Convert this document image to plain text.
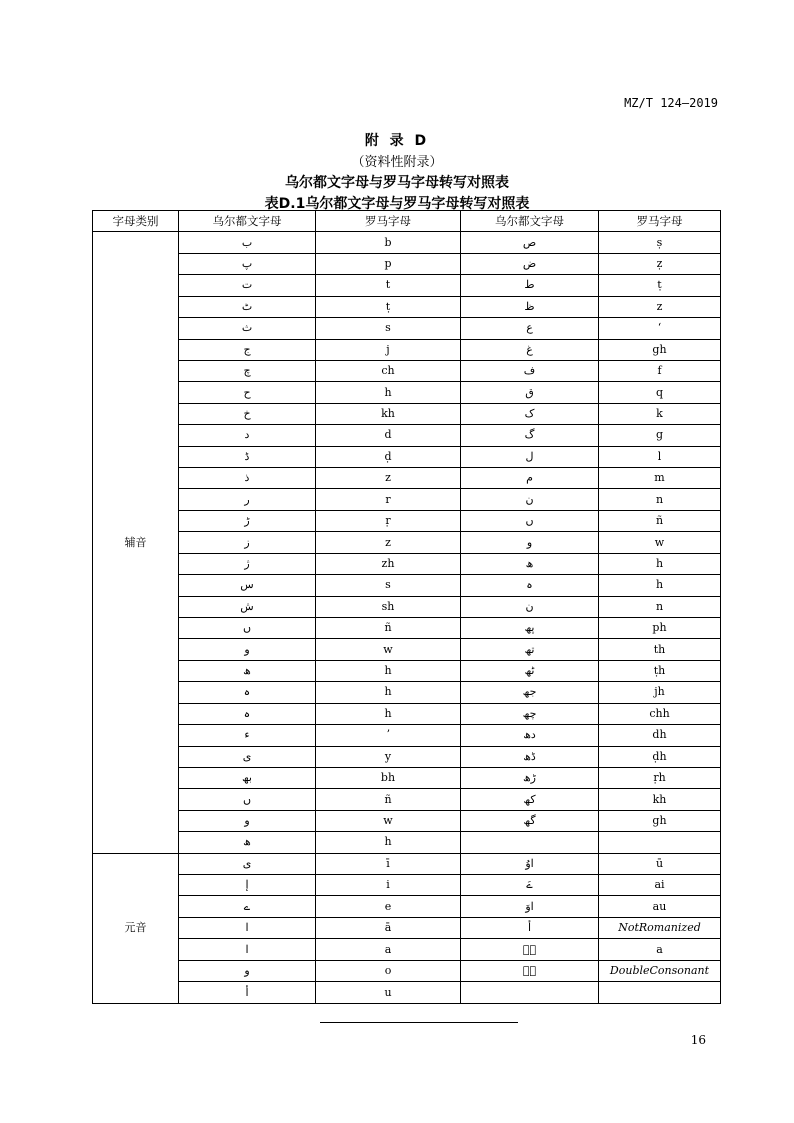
MZ/T 124—2019
附 录 D
（资料性附录）
乌尔都文字母与罗马字母转写对照表
表D.1乌尔都文字母与罗马字母转写对照表
字母类别	乌尔都文字母	罗马字母	乌尔都文字母	罗马字母
辅音	ب	b	ص	ṣ
	پ	p	ض	ẓ
	ت	t	ط	ṭ
	ٹ	ṭ	ظ	z
	ث	s	ع	ʻ
	ج	j	غ	gh
	چ	ch	ف	f
	ح	h	ق	q
	خ	kh	ک	k
	د	d	گ	g
	ڈ	ḍ	ل	l
	ذ	z	م	m
	ر	r	ن	n
	ڑ	ṛ	ں	ñ
	ز	z	و	w
	ژ	zh	ھ	h
	س	s	ہ	h
	ش	sh	ن	n
	ں	ñ	پھ	ph
	و	w	تھ	th
	ھ	h	ٹھ	ṭh
	ہ	h	جھ	jh
	ہ	h	چھ	chh
	ء	ʼ	دھ	dh
	ی	y	ڈھ	ḍh
	بھ	bh	ڑھ	ṛh
	ں	ñ	کھ	kh
	و	w	گھ	gh
	ھ	h		
元音	ی	ī	اوُ	ū
	إ	i	ےَ	ai
	ے	e	اوَ	au
	ا	ā	أ	NotRomanized
	ا	a	ہٗ	a
	و	o	ہٗ	DoubleConsonant
	أ	u		
16
